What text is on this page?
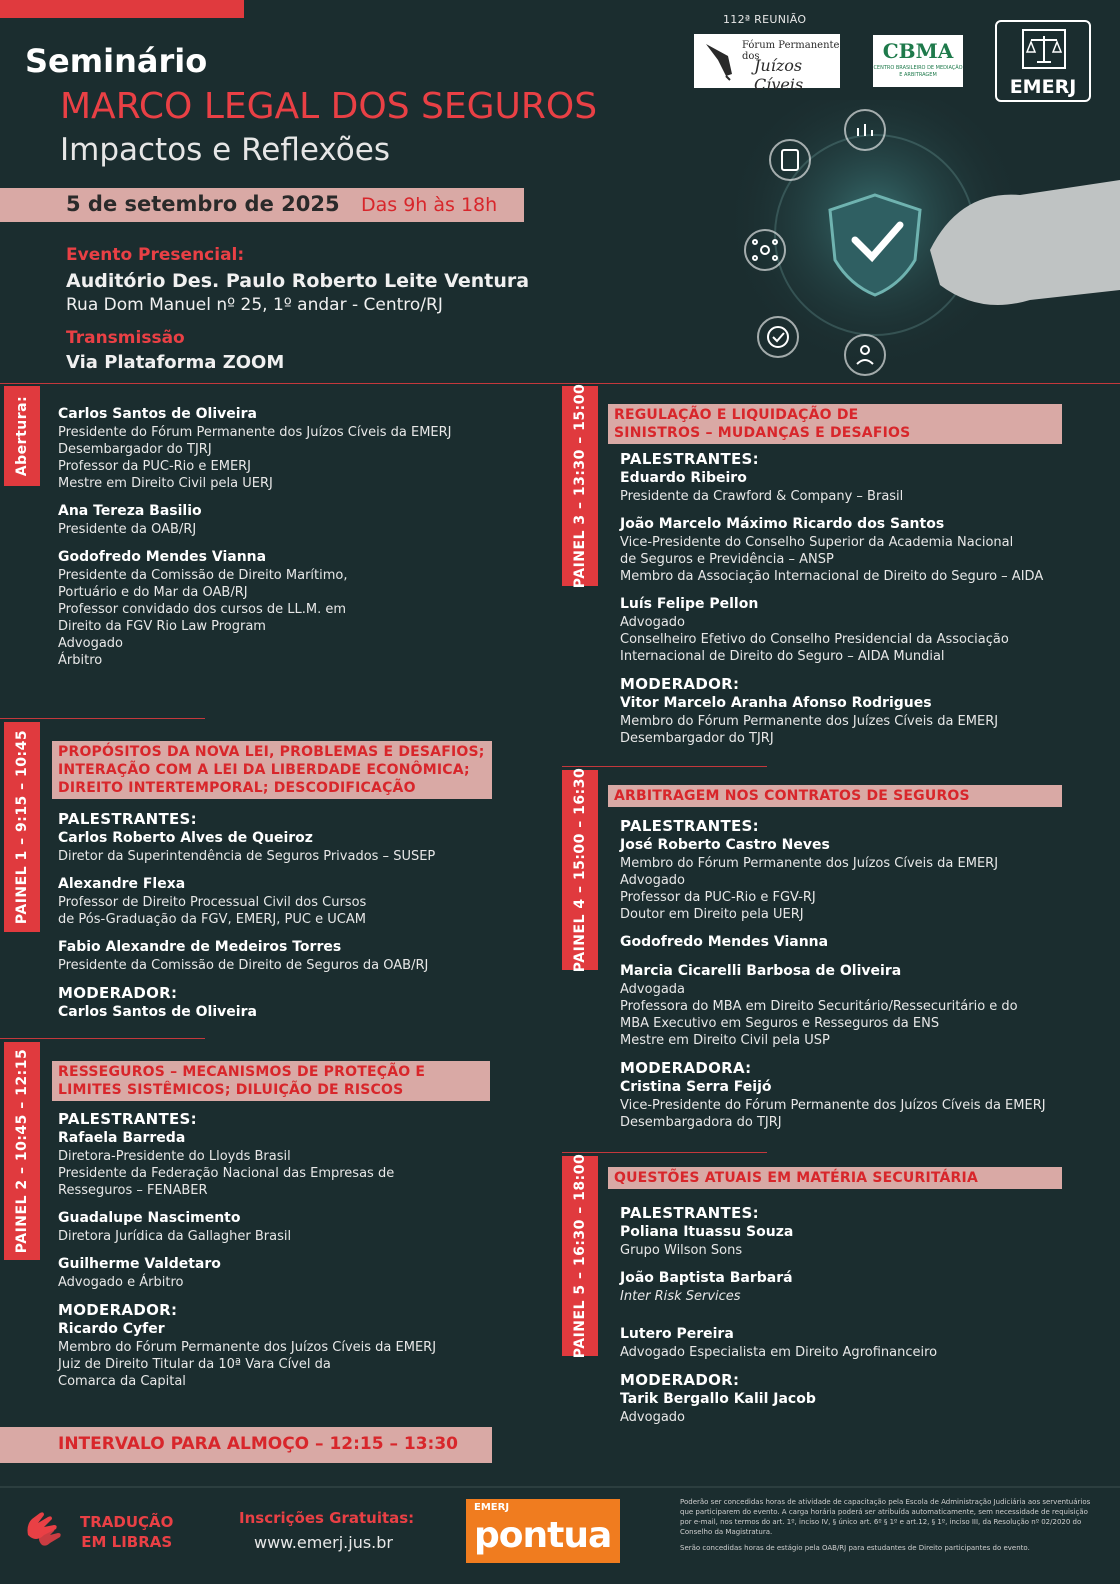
112ª REUNIÃO
Fórum Permanente dos
Juízos Cíveis
CBMA
CENTRO BRASILEIRO DE MEDIAÇÃO E ARBITRAGEM
EMERJ
Seminário
MARCO LEGAL DOS SEGUROS
Impactos e Reflexões
5 de setembro de 2025 Das 9h às 18h
Evento Presencial:
Auditório Des. Paulo Roberto Leite Ventura
Rua Dom Manuel nº 25, 1º andar - Centro/RJ
Transmissão
Via Plataforma ZOOM
Abertura: Carlos Santos de Oliveira
Presidente do Fórum Permanente dos Juízos Cíveis da EMERJ
Desembargador do TJRJ
Professor da PUC-Rio e EMERJ
Mestre em Direito Civil pela UERJ
Ana Tereza Basilio
Presidente da OAB/RJ
Godofredo Mendes Vianna
Presidente da Comissão de Direito Marítimo,
Portuário e do Mar da OAB/RJ
Professor convidado dos cursos de LL.M. em
Direito da FGV Rio Law Program
Advogado
Árbitro
PAINEL 1 – 9:15 – 10:45 PROPÓSITOS DA NOVA LEI, PROBLEMAS E DESAFIOS;
INTERAÇÃO COM A LEI DA LIBERDADE ECONÔMICA;
DIREITO INTERTEMPORAL; DESCODIFICAÇÃO
PALESTRANTES:
Carlos Roberto Alves de Queiroz
Diretor da Superintendência de Seguros Privados – SUSEP
Alexandre Flexa
Professor de Direito Processual Civil dos Cursos
de Pós-Graduação da FGV, EMERJ, PUC e UCAM
Fabio Alexandre de Medeiros Torres
Presidente da Comissão de Direito de Seguros da OAB/RJ
MODERADOR:
Carlos Santos de Oliveira
PAINEL 2 – 10:45 – 12:15 RESSEGUROS – MECANISMOS DE PROTEÇÃO E
LIMITES SISTÊMICOS; DILUIÇÃO DE RISCOS
PALESTRANTES:
Rafaela Barreda
Diretora-Presidente do Lloyds Brasil
Presidente da Federação Nacional das Empresas de
Resseguros – FENABER
Guadalupe Nascimento
Diretora Jurídica da Gallagher Brasil
Guilherme Valdetaro
Advogado e Árbitro
MODERADOR:
Ricardo Cyfer
Membro do Fórum Permanente dos Juízos Cíveis da EMERJ
Juiz de Direito Titular da 10ª Vara Cível da
Comarca da Capital
INTERVALO PARA ALMOÇO – 12:15 – 13:30
PAINEL 3 – 13:30 – 15:00 REGULAÇÃO E LIQUIDAÇÃO DE
SINISTROS – MUDANÇAS E DESAFIOS
PALESTRANTES:
Eduardo Ribeiro
Presidente da Crawford & Company – Brasil
João Marcelo Máximo Ricardo dos Santos
Vice-Presidente do Conselho Superior da Academia Nacional
de Seguros e Previdência – ANSP
Membro da Associação Internacional de Direito do Seguro – AIDA
Luís Felipe Pellon
Advogado
Conselheiro Efetivo do Conselho Presidencial da Associação
Internacional de Direito do Seguro – AIDA Mundial
MODERADOR:
Vitor Marcelo Aranha Afonso Rodrigues
Membro do Fórum Permanente dos Juízes Cíveis da EMERJ
Desembargador do TJRJ
PAINEL 4 – 15:00 – 16:30 ARBITRAGEM NOS CONTRATOS DE SEGUROS
PALESTRANTES:
José Roberto Castro Neves
Membro do Fórum Permanente dos Juízos Cíveis da EMERJ
Advogado
Professor da PUC-Rio e FGV-RJ
Doutor em Direito pela UERJ
Godofredo Mendes Vianna
Marcia Cicarelli Barbosa de Oliveira
Advogada
Professora do MBA em Direito Securitário/Ressecuritário e do
MBA Executivo em Seguros e Resseguros da ENS
Mestre em Direito Civil pela USP
MODERADORA:
Cristina Serra Feijó
Vice-Presidente do Fórum Permanente dos Juízos Cíveis da EMERJ
Desembargadora do TJRJ
PAINEL 5 – 16:30 – 18:00 QUESTÕES ATUAIS EM MATÉRIA SECURITÁRIA
PALESTRANTES:
Poliana Ituassu Souza
Grupo Wilson Sons
João Baptista Barbará
Inter Risk Services
Lutero Pereira
Advogado Especialista em Direito Agrofinanceiro
MODERADOR:
Tarik Bergallo Kalil Jacob
Advogado
TRADUÇÃO
EM LIBRAS
Inscrições Gratuitas:
www.emerj.jus.br
EMERJ
pontua
Poderão ser concedidas horas de atividade de capacitação pela Escola de Administração Judiciária aos serventuários que participarem do evento. A carga horária poderá ser atribuída automaticamente, sem necessidade de requisição por e-mail, nos termos do art. 1º, inciso IV, § único art. 6º § 1º e art.12, § 1º, inciso III, da Resolução nº 02/2020 do Conselho da Magistratura.
Serão concedidas horas de estágio pela OAB/RJ para estudantes de Direito participantes do evento.
